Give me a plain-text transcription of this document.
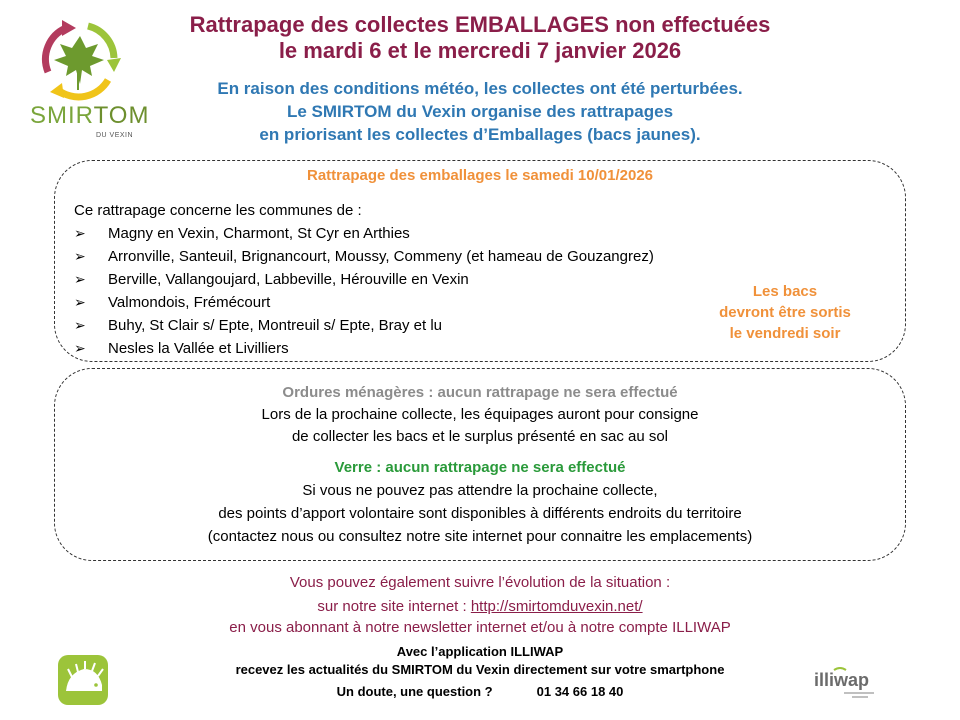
SMIRTOM
DU VEXIN
Rattrapage des collectes EMBALLAGES non effectuées
le mardi 6 et le mercredi 7 janvier 2026
En raison des conditions météo, les collectes ont été perturbées.
Le SMIRTOM du Vexin organise des rattrapages
en priorisant les collectes d’Emballages (bacs jaunes).
Rattrapage des emballages le samedi 10/01/2026
Ce rattrapage concerne les communes de :
➢	Magny en Vexin, Charmont, St Cyr en Arthies
➢	Arronville, Santeuil, Brignancourt, Moussy, Commeny (et hameau de Gouzangrez)
➢	Berville, Vallangoujard, Labbeville, Hérouville en Vexin
➢	Valmondois, Frémécourt
➢	Buhy, St Clair s/ Epte, Montreuil s/ Epte, Bray et lu
➢	Nesles la Vallée et Livilliers
Les bacs
devront être sortis
le vendredi soir
Ordures ménagères : aucun rattrapage ne sera effectué
Lors de la prochaine collecte, les équipages auront pour consigne
de collecter les bacs et le surplus présenté en sac au sol
Verre : aucun rattrapage ne sera effectué
Si vous ne pouvez pas attendre la prochaine collecte,
des points d’apport volontaire sont disponibles à différents endroits du territoire
(contactez nous ou consultez notre site internet pour connaitre les emplacements)
Vous pouvez également suivre l’évolution de la situation :
sur notre site internet : http://smirtomduvexin.net/
en vous abonnant à notre newsletter internet et/ou à notre compte ILLIWAP
Avec l’application ILLIWAP
recevez les actualités du SMIRTOM du Vexin directement sur votre smartphone
Un doute, une question ?	01 34 66 18 40
illiwap
